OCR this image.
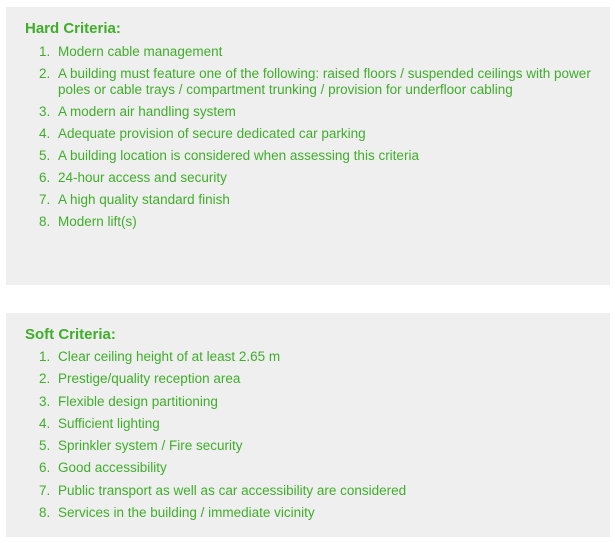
Hard Criteria:
1. Modern cable management
2. A building must feature one of the following: raised floors / suspended ceilings with power poles or cable trays / compartment trunking / provision for underfloor cabling
3. A modern air handling system
4. Adequate provision of secure dedicated car parking
5. A building location is considered when assessing this criteria
6. 24-hour access and security
7. A high quality standard finish
8. Modern lift(s)
Soft Criteria:
1. Clear ceiling height of at least 2.65 m
2. Prestige/quality reception area
3. Flexible design partitioning
4. Sufficient lighting
5. Sprinkler system / Fire security
6. Good accessibility
7. Public transport as well as car accessibility are considered
8. Services in the building / immediate vicinity
